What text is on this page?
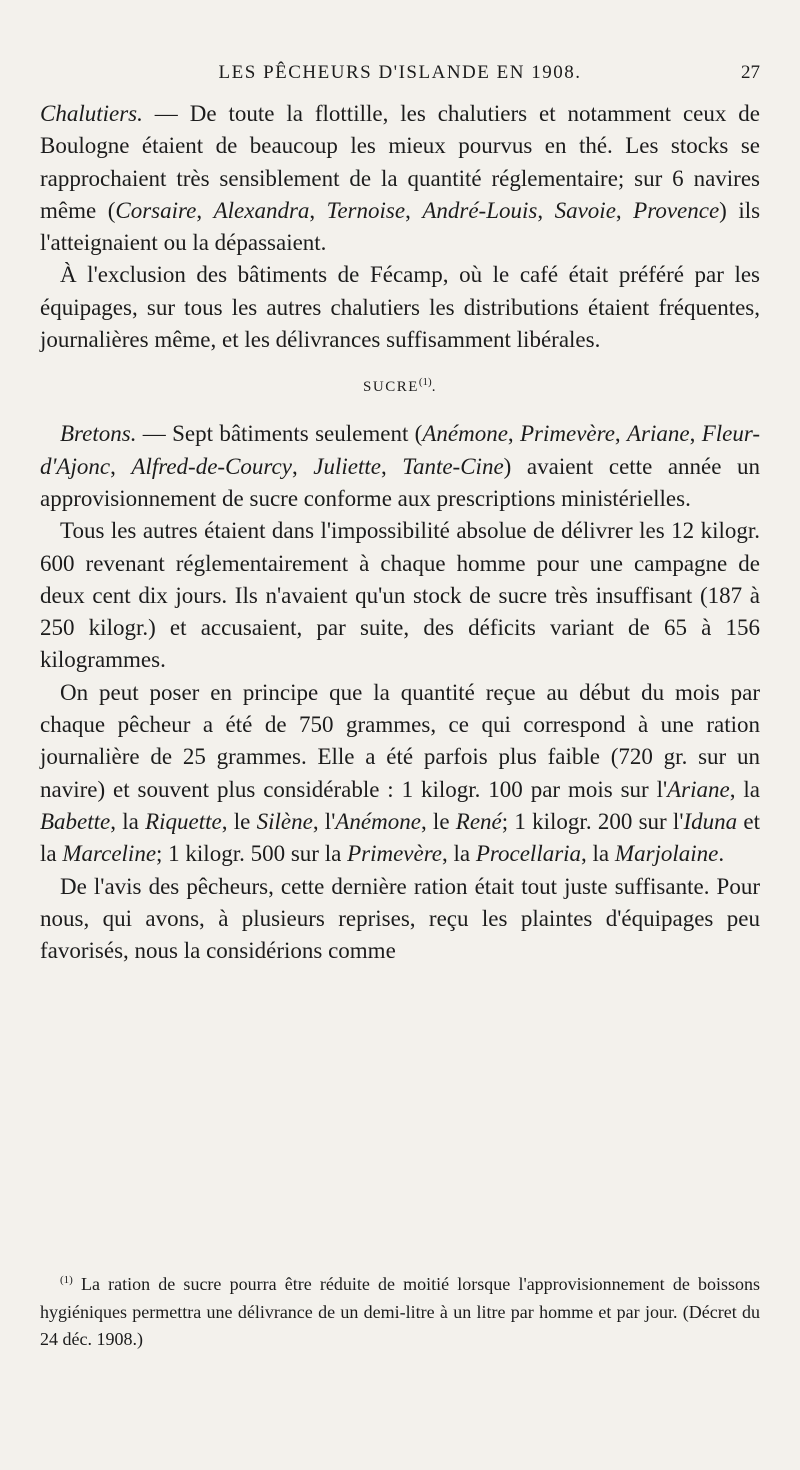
LES PÊCHEURS D'ISLANDE EN 1908.	27

Chalutiers. — De toute la flottille, les chalutiers et notamment ceux de Boulogne étaient de beaucoup les mieux pourvus en thé. Les stocks se rapprochaient très sensiblement de la quantité réglementaire; sur 6 navires même (Corsaire, Alexandra, Ternoise, André-Louis, Savoie, Provence) ils l'atteignaient ou la dépassaient.

À l'exclusion des bâtiments de Fécamp, où le café était préféré par les équipages, sur tous les autres chalutiers les distributions étaient fréquentes, journalières même, et les délivrances suffisamment libérales.

SUCRE$^{(1)}$.

Bretons. — Sept bâtiments seulement (Anémone, Primevère, Ariane, Fleur-d'Ajonc, Alfred-de-Courcy, Juliette, Tante-Cine) avaient cette année un approvisionnement de sucre conforme aux prescriptions ministérielles.

Tous les autres étaient dans l'impossibilité absolue de délivrer les 12 kilogr. 600 revenant réglementairement à chaque homme pour une campagne de deux cent dix jours. Ils n'avaient qu'un stock de sucre très insuffisant (187 à 250 kilogr.) et accusaient, par suite, des déficits variant de 65 à 156 kilogrammes.

On peut poser en principe que la quantité reçue au début du mois par chaque pêcheur a été de 750 grammes, ce qui correspond à une ration journalière de 25 grammes. Elle a été parfois plus faible (720 gr. sur un navire) et souvent plus considérable : 1 kilogr. 100 par mois sur l'Ariane, la Babette, la Riquette, le Silène, l'Anémone, le René; 1 kilogr. 200 sur l'Iduna et la Marceline; 1 kilogr. 500 sur la Primevère, la Procellaria, la Marjolaine.

De l'avis des pêcheurs, cette dernière ration était tout juste suffisante. Pour nous, qui avons, à plusieurs reprises, reçu les plaintes d'équipages peu favorisés, nous la considérions comme

$^{(1)}$ La ration de sucre pourra être réduite de moitié lorsque l'approvisionnement de boissons hygiéniques permettra une délivrance de un demi-litre à un litre par homme et par jour. (Décret du 24 déc. 1908.)
